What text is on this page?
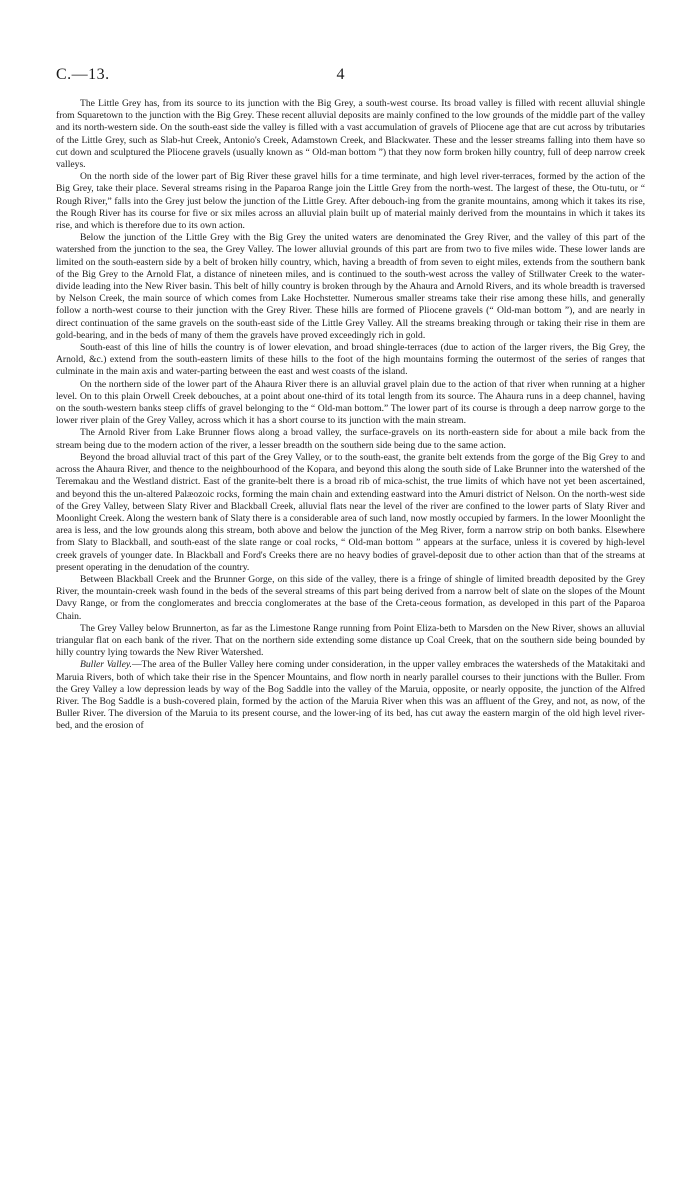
C.—13.	4

The Little Grey has, from its source to its junction with the Big Grey, a south-west course. Its broad valley is filled with recent alluvial shingle from Squaretown to the junction with the Big Grey. These recent alluvial deposits are mainly confined to the low grounds of the middle part of the valley and its north-western side. On the south-east side the valley is filled with a vast accumulation of gravels of Pliocene age that are cut across by tributaries of the Little Grey, such as Slab-hut Creek, Antonio's Creek, Adamstown Creek, and Blackwater. These and the lesser streams falling into them have so cut down and sculptured the Pliocene gravels (usually known as “ Old-man bottom ”) that they now form broken hilly country, full of deep narrow creek valleys.

On the north side of the lower part of Big River these gravel hills for a time terminate, and high level river-terraces, formed by the action of the Big Grey, take their place. Several streams rising in the Paparoa Range join the Little Grey from the north-west. The largest of these, the Otu-tutu, or “ Rough River,” falls into the Grey just below the junction of the Little Grey. After debouch-ing from the granite mountains, among which it takes its rise, the Rough River has its course for five or six miles across an alluvial plain built up of material mainly derived from the mountains in which it takes its rise, and which is therefore due to its own action.

Below the junction of the Little Grey with the Big Grey the united waters are denominated the Grey River, and the valley of this part of the watershed from the junction to the sea, the Grey Valley. The lower alluvial grounds of this part are from two to five miles wide. These lower lands are limited on the south-eastern side by a belt of broken hilly country, which, having a breadth of from seven to eight miles, extends from the southern bank of the Big Grey to the Arnold Flat, a distance of nineteen miles, and is continued to the south-west across the valley of Stillwater Creek to the water-divide leading into the New River basin. This belt of hilly country is broken through by the Ahaura and Arnold Rivers, and its whole breadth is traversed by Nelson Creek, the main source of which comes from Lake Hochstetter. Numerous smaller streams take their rise among these hills, and generally follow a north-west course to their junction with the Grey River. These hills are formed of Pliocene gravels (“ Old-man bottom ”), and are nearly in direct continuation of the same gravels on the south-east side of the Little Grey Valley. All the streams breaking through or taking their rise in them are gold-bearing, and in the beds of many of them the gravels have proved exceedingly rich in gold.

South-east of this line of hills the country is of lower elevation, and broad shingle-terraces (due to action of the larger rivers, the Big Grey, the Arnold, &c.) extend from the south-eastern limits of these hills to the foot of the high mountains forming the outermost of the series of ranges that culminate in the main axis and water-parting between the east and west coasts of the island.

On the northern side of the lower part of the Ahaura River there is an alluvial gravel plain due to the action of that river when running at a higher level. On to this plain Orwell Creek debouches, at a point about one-third of its total length from its source. The Ahaura runs in a deep channel, having on the south-western banks steep cliffs of gravel belonging to the “ Old-man bottom.” The lower part of its course is through a deep narrow gorge to the lower river plain of the Grey Valley, across which it has a short course to its junction with the main stream.

The Arnold River from Lake Brunner flows along a broad valley, the surface-gravels on its north-eastern side for about a mile back from the stream being due to the modern action of the river, a lesser breadth on the southern side being due to the same action.

Beyond the broad alluvial tract of this part of the Grey Valley, or to the south-east, the granite belt extends from the gorge of the Big Grey to and across the Ahaura River, and thence to the neighbourhood of the Kopara, and beyond this along the south side of Lake Brunner into the watershed of the Teremakau and the Westland district. East of the granite-belt there is a broad rib of mica-schist, the true limits of which have not yet been ascertained, and beyond this the un-altered Palæozoic rocks, forming the main chain and extending eastward into the Amuri district of Nelson. On the north-west side of the Grey Valley, between Slaty River and Blackball Creek, alluvial flats near the level of the river are confined to the lower parts of Slaty River and Moonlight Creek. Along the western bank of Slaty there is a considerable area of such land, now mostly occupied by farmers. In the lower Moonlight the area is less, and the low grounds along this stream, both above and below the junction of the Meg River, form a narrow strip on both banks. Elsewhere from Slaty to Blackball, and south-east of the slate range or coal rocks, “ Old-man bottom ” appears at the surface, unless it is covered by high-level creek gravels of younger date. In Blackball and Ford's Creeks there are no heavy bodies of gravel-deposit due to other action than that of the streams at present operating in the denudation of the country.

Between Blackball Creek and the Brunner Gorge, on this side of the valley, there is a fringe of shingle of limited breadth deposited by the Grey River, the mountain-creek wash found in the beds of the several streams of this part being derived from a narrow belt of slate on the slopes of the Mount Davy Range, or from the conglomerates and breccia conglomerates at the base of the Creta-ceous formation, as developed in this part of the Paparoa Chain.

The Grey Valley below Brunnerton, as far as the Limestone Range running from Point Eliza-beth to Marsden on the New River, shows an alluvial triangular flat on each bank of the river. That on the northern side extending some distance up Coal Creek, that on the southern side being bounded by hilly country lying towards the New River Watershed.

Buller Valley.—The area of the Buller Valley here coming under consideration, in the upper valley embraces the watersheds of the Matakitaki and Maruia Rivers, both of which take their rise in the Spencer Mountains, and flow north in nearly parallel courses to their junctions with the Buller. From the Grey Valley a low depression leads by way of the Bog Saddle into the valley of the Maruia, opposite, or nearly opposite, the junction of the Alfred River. The Bog Saddle is a bush-covered plain, formed by the action of the Maruia River when this was an affluent of the Grey, and not, as now, of the Buller River. The diversion of the Maruia to its present course, and the lower-ing of its bed, has cut away the eastern margin of the old high level river-bed, and the erosion of
